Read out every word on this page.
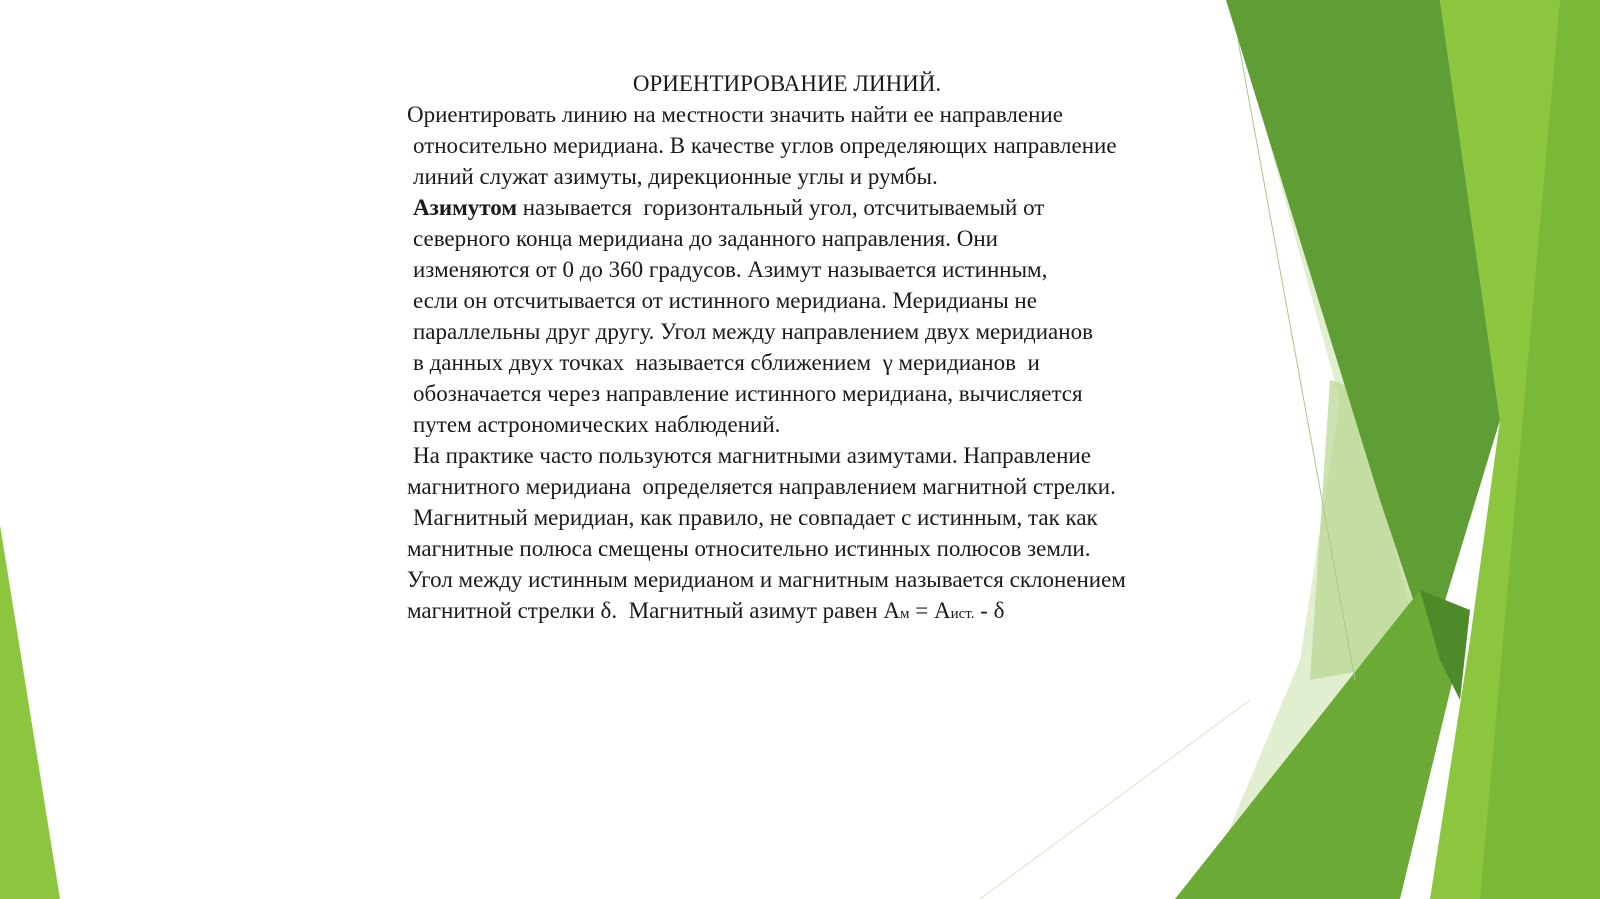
ОРИЕНТИРОВАНИЕ ЛИНИЙ.
Ориентировать линию на местности значить найти ее направление
относительно меридиана. В качестве углов определяющих направление
линий служат азимуты, дирекционные углы и румбы.
Азимутом называется  горизонтальный угол, отсчитываемый от
северного конца меридиана до заданного направления. Они
изменяются от 0 до 360 градусов. Азимут называется истинным,
если он отсчитывается от истинного меридиана. Меридианы не
параллельны друг другу. Угол между направлением двух меридианов
в данных двух точках  называется сближением  γ меридианов  и
обозначается через направление истинного меридиана, вычисляется
путем астрономических наблюдений.
На практике часто пользуются магнитными азимутами. Направление
магнитного меридиана  определяется направлением магнитной стрелки.
Магнитный меридиан, как правило, не совпадает с истинным, так как
магнитные полюса смещены относительно истинных полюсов земли.
Угол между истинным меридианом и магнитным называется склонением
магнитной стрелки δ.  Магнитный азимут равен Ам = Аист. - δ
